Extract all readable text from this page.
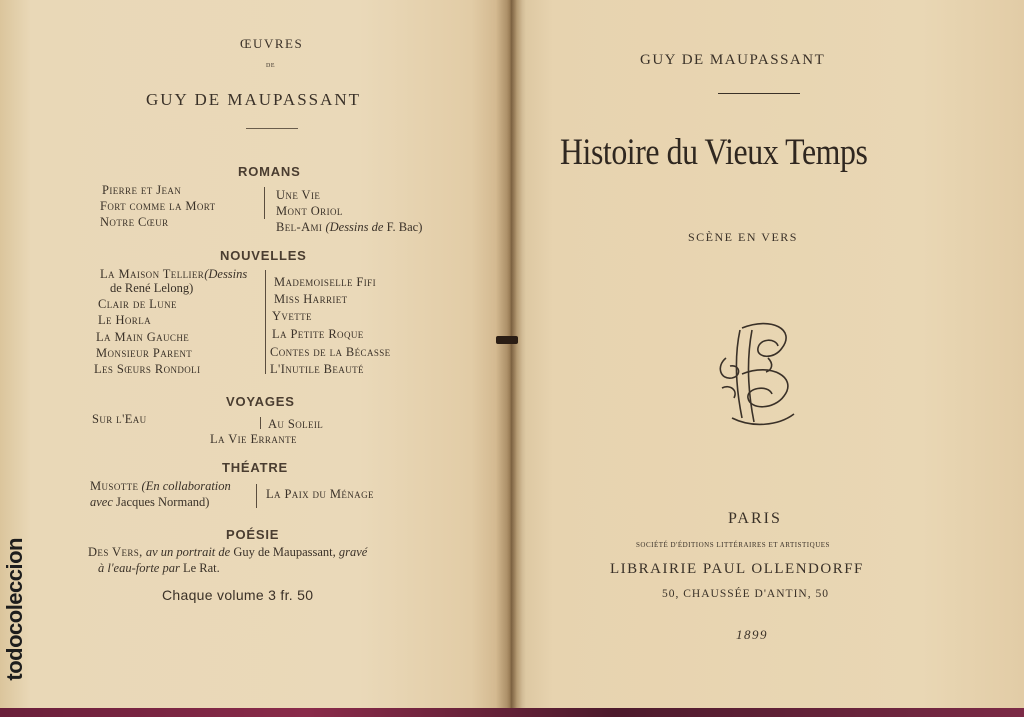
ŒUVRES
DE
GUY DE MAUPASSANT
ROMANS
Pierre et Jean
Fort comme la Mort
Notre Cœur
Une Vie
Mont Oriol
Bel-Ami (Dessins de F. Bac)
NOUVELLES
La Maison Tellier(Dessins
de René Lelong)
Clair de Lune
Le Horla
La Main Gauche
Monsieur Parent
Les Sœurs Rondoli
Mademoiselle Fifi
Miss Harriet
Yvette
La Petite Roque
Contes de la Bécasse
L'Inutile Beauté
VOYAGES
Sur l'Eau	Au Soleil
La Vie Errante
THÉATRE
Musotte (En collaboration
avec Jacques Normand)
La Paix du Ménage
POÉSIE
Des Vers, av un portrait de Guy de Maupassant, gravé
à l'eau-forte par Le Rat.
Chaque volume 3 fr. 50
todocoleccion
GUY DE MAUPASSANT
Histoire du Vieux Temps
SCÈNE EN VERS
PARIS
SOCIÉTÉ D'ÉDITIONS LITTÉRAIRES ET ARTISTIQUES
LIBRAIRIE PAUL OLLENDORFF
50, CHAUSSÉE D'ANTIN, 50
1899
